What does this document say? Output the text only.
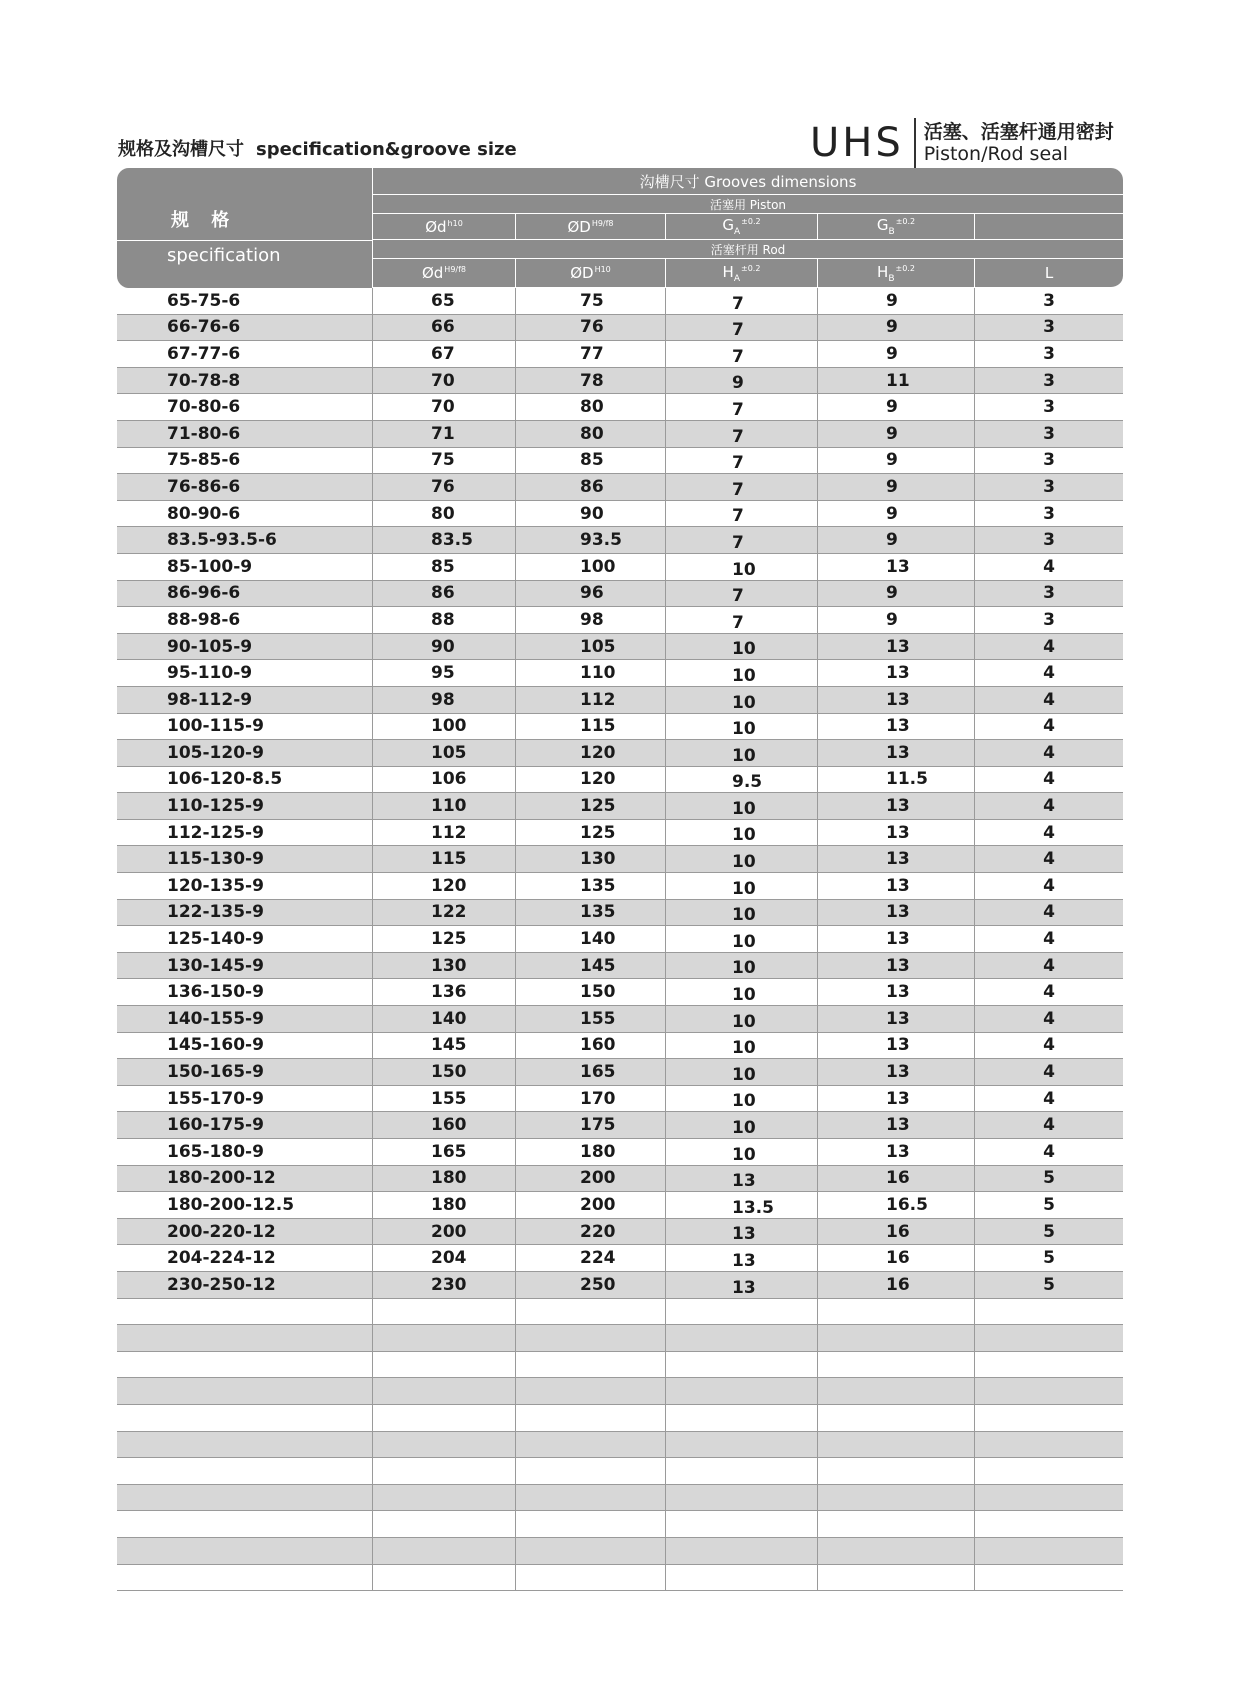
规格及沟槽尺寸 specification&groove size	UHS	活塞、活塞杆通用密封
Piston/Rod seal
规 格
specification	沟槽尺寸 Grooves dimensions				
	活塞用 Piston				
	$Ød^{h10}$	$ØD^{H9/f8}$	$G_A^{\pm 0.2}$	$G_B^{\pm 0.2}$	
	活塞杆用 Rod				
	$Ød^{H9/f8}$	$ØD^{H10}$	$H_A^{\pm 0.2}$	$H_B^{\pm 0.2}$	L
65-75-6	65	75	7	9	3
66-76-6	66	76	7	9	3
67-77-6	67	77	7	9	3
70-78-8	70	78	9	11	3
70-80-6	70	80	7	9	3
71-80-6	71	80	7	9	3
75-85-6	75	85	7	9	3
76-86-6	76	86	7	9	3
80-90-6	80	90	7	9	3
83.5-93.5-6	83.5	93.5	7	9	3
85-100-9	85	100	10	13	4
86-96-6	86	96	7	9	3
88-98-6	88	98	7	9	3
90-105-9	90	105	10	13	4
95-110-9	95	110	10	13	4
98-112-9	98	112	10	13	4
100-115-9	100	115	10	13	4
105-120-9	105	120	10	13	4
106-120-8.5	106	120	9.5	11.5	4
110-125-9	110	125	10	13	4
112-125-9	112	125	10	13	4
115-130-9	115	130	10	13	4
120-135-9	120	135	10	13	4
122-135-9	122	135	10	13	4
125-140-9	125	140	10	13	4
130-145-9	130	145	10	13	4
136-150-9	136	150	10	13	4
140-155-9	140	155	10	13	4
145-160-9	145	160	10	13	4
150-165-9	150	165	10	13	4
155-170-9	155	170	10	13	4
160-175-9	160	175	10	13	4
165-180-9	165	180	10	13	4
180-200-12	180	200	13	16	5
180-200-12.5	180	200	13.5	16.5	5
200-220-12	200	220	13	16	5
204-224-12	204	224	13	16	5
230-250-12	230	250	13	16	5
